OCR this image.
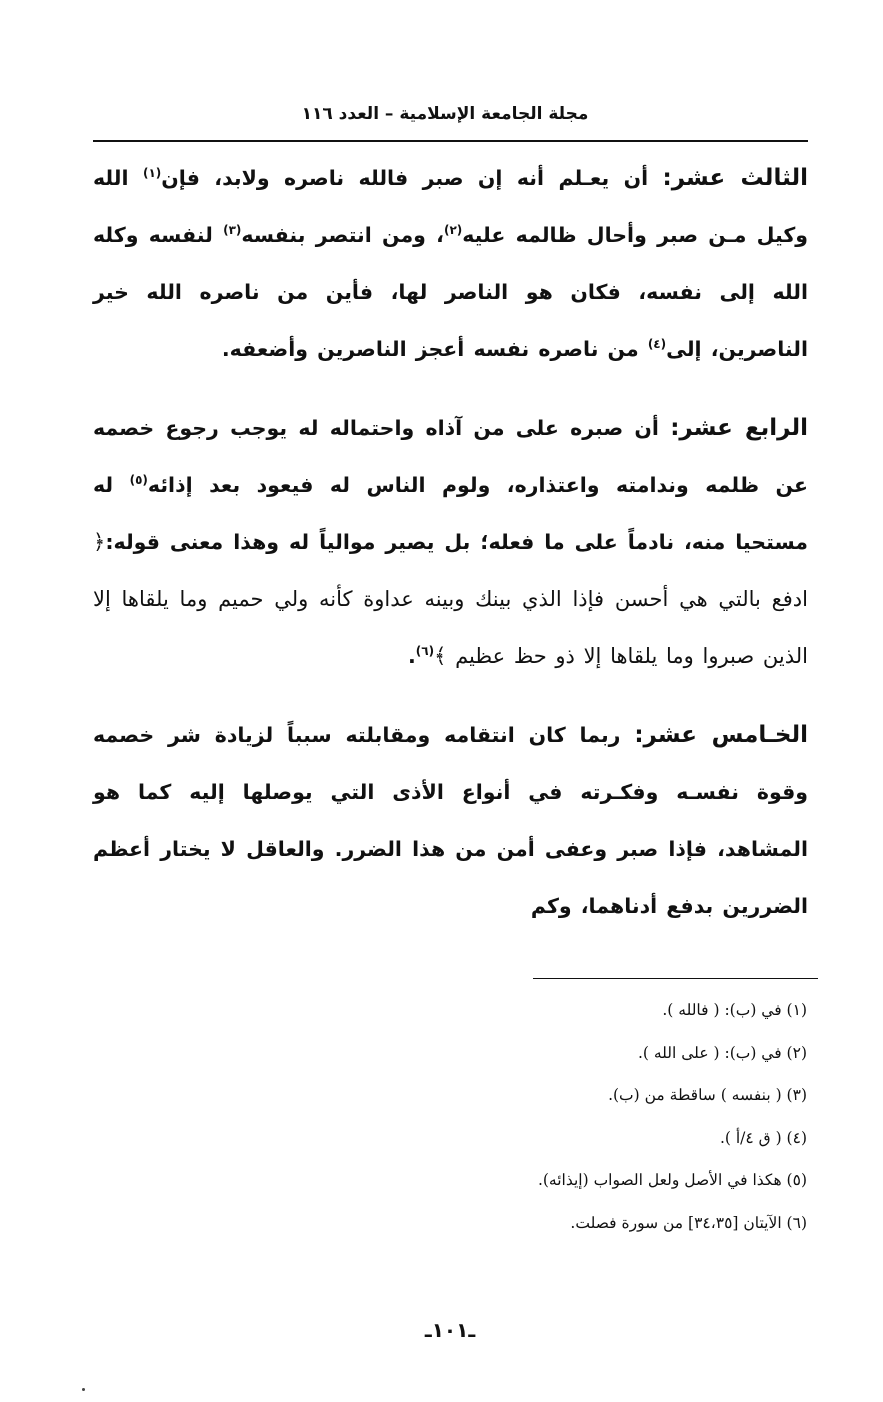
مجلة الجامعة الإسلامية – العدد ١١٦

الثالث عشر: أن يعـلم أنه إن صبر فالله ناصره ولابد، فإن$^{(١)}$ الله وكيل مـن صبر وأحال ظالمه عليه$^{(٢)}$، ومن انتصر بنفسه$^{(٣)}$ لنفسه وكله الله إلى نفسه، فكان هو الناصر لها، فأين من ناصره الله خير الناصرين، إلى$^{(٤)}$ من ناصره نفسه أعجز الناصرين وأضعفه.

الرابع عشر: أن صبره على من آذاه واحتماله له يوجب رجوع خصمه عن ظلمه وندامته واعتذاره، ولوم الناس له فيعود بعد إذائه$^{(٥)}$ له مستحيا منه، نادماً على ما فعله؛ بل يصير موالياً له وهذا معنى قوله:﴿ ادفع بالتي هي أحسن فإذا الذي بينك وبينه عداوة كأنه ولي حميم وما يلقاها إلا الذين صبروا وما يلقاها إلا ذو حظ عظيم ﴾$^{(٦)}$.

الخـامس عشر: ربما كان انتقامه ومقابلته سبباً لزيادة شر خصمه وقوة نفسـه وفكـرته في أنواع الأذى التي يوصلها إليه كما هو المشاهد، فإذا صبر وعفى أمن من هذا الضرر. والعاقل لا يختار أعظم الضررين بدفع أدناهما، وكم

(١) في (ب): ( فالله ).
(٢) في (ب): ( على الله ).
(٣) ( بنفسه ) ساقطة من (ب).
(٤) ( ق ٤/أ ).
(٥) هكذا في الأصل ولعل الصواب (إيذائه).
(٦) الآيتان [٣٤،٣٥] من سورة فصلت.
ـ١٠١ـ
